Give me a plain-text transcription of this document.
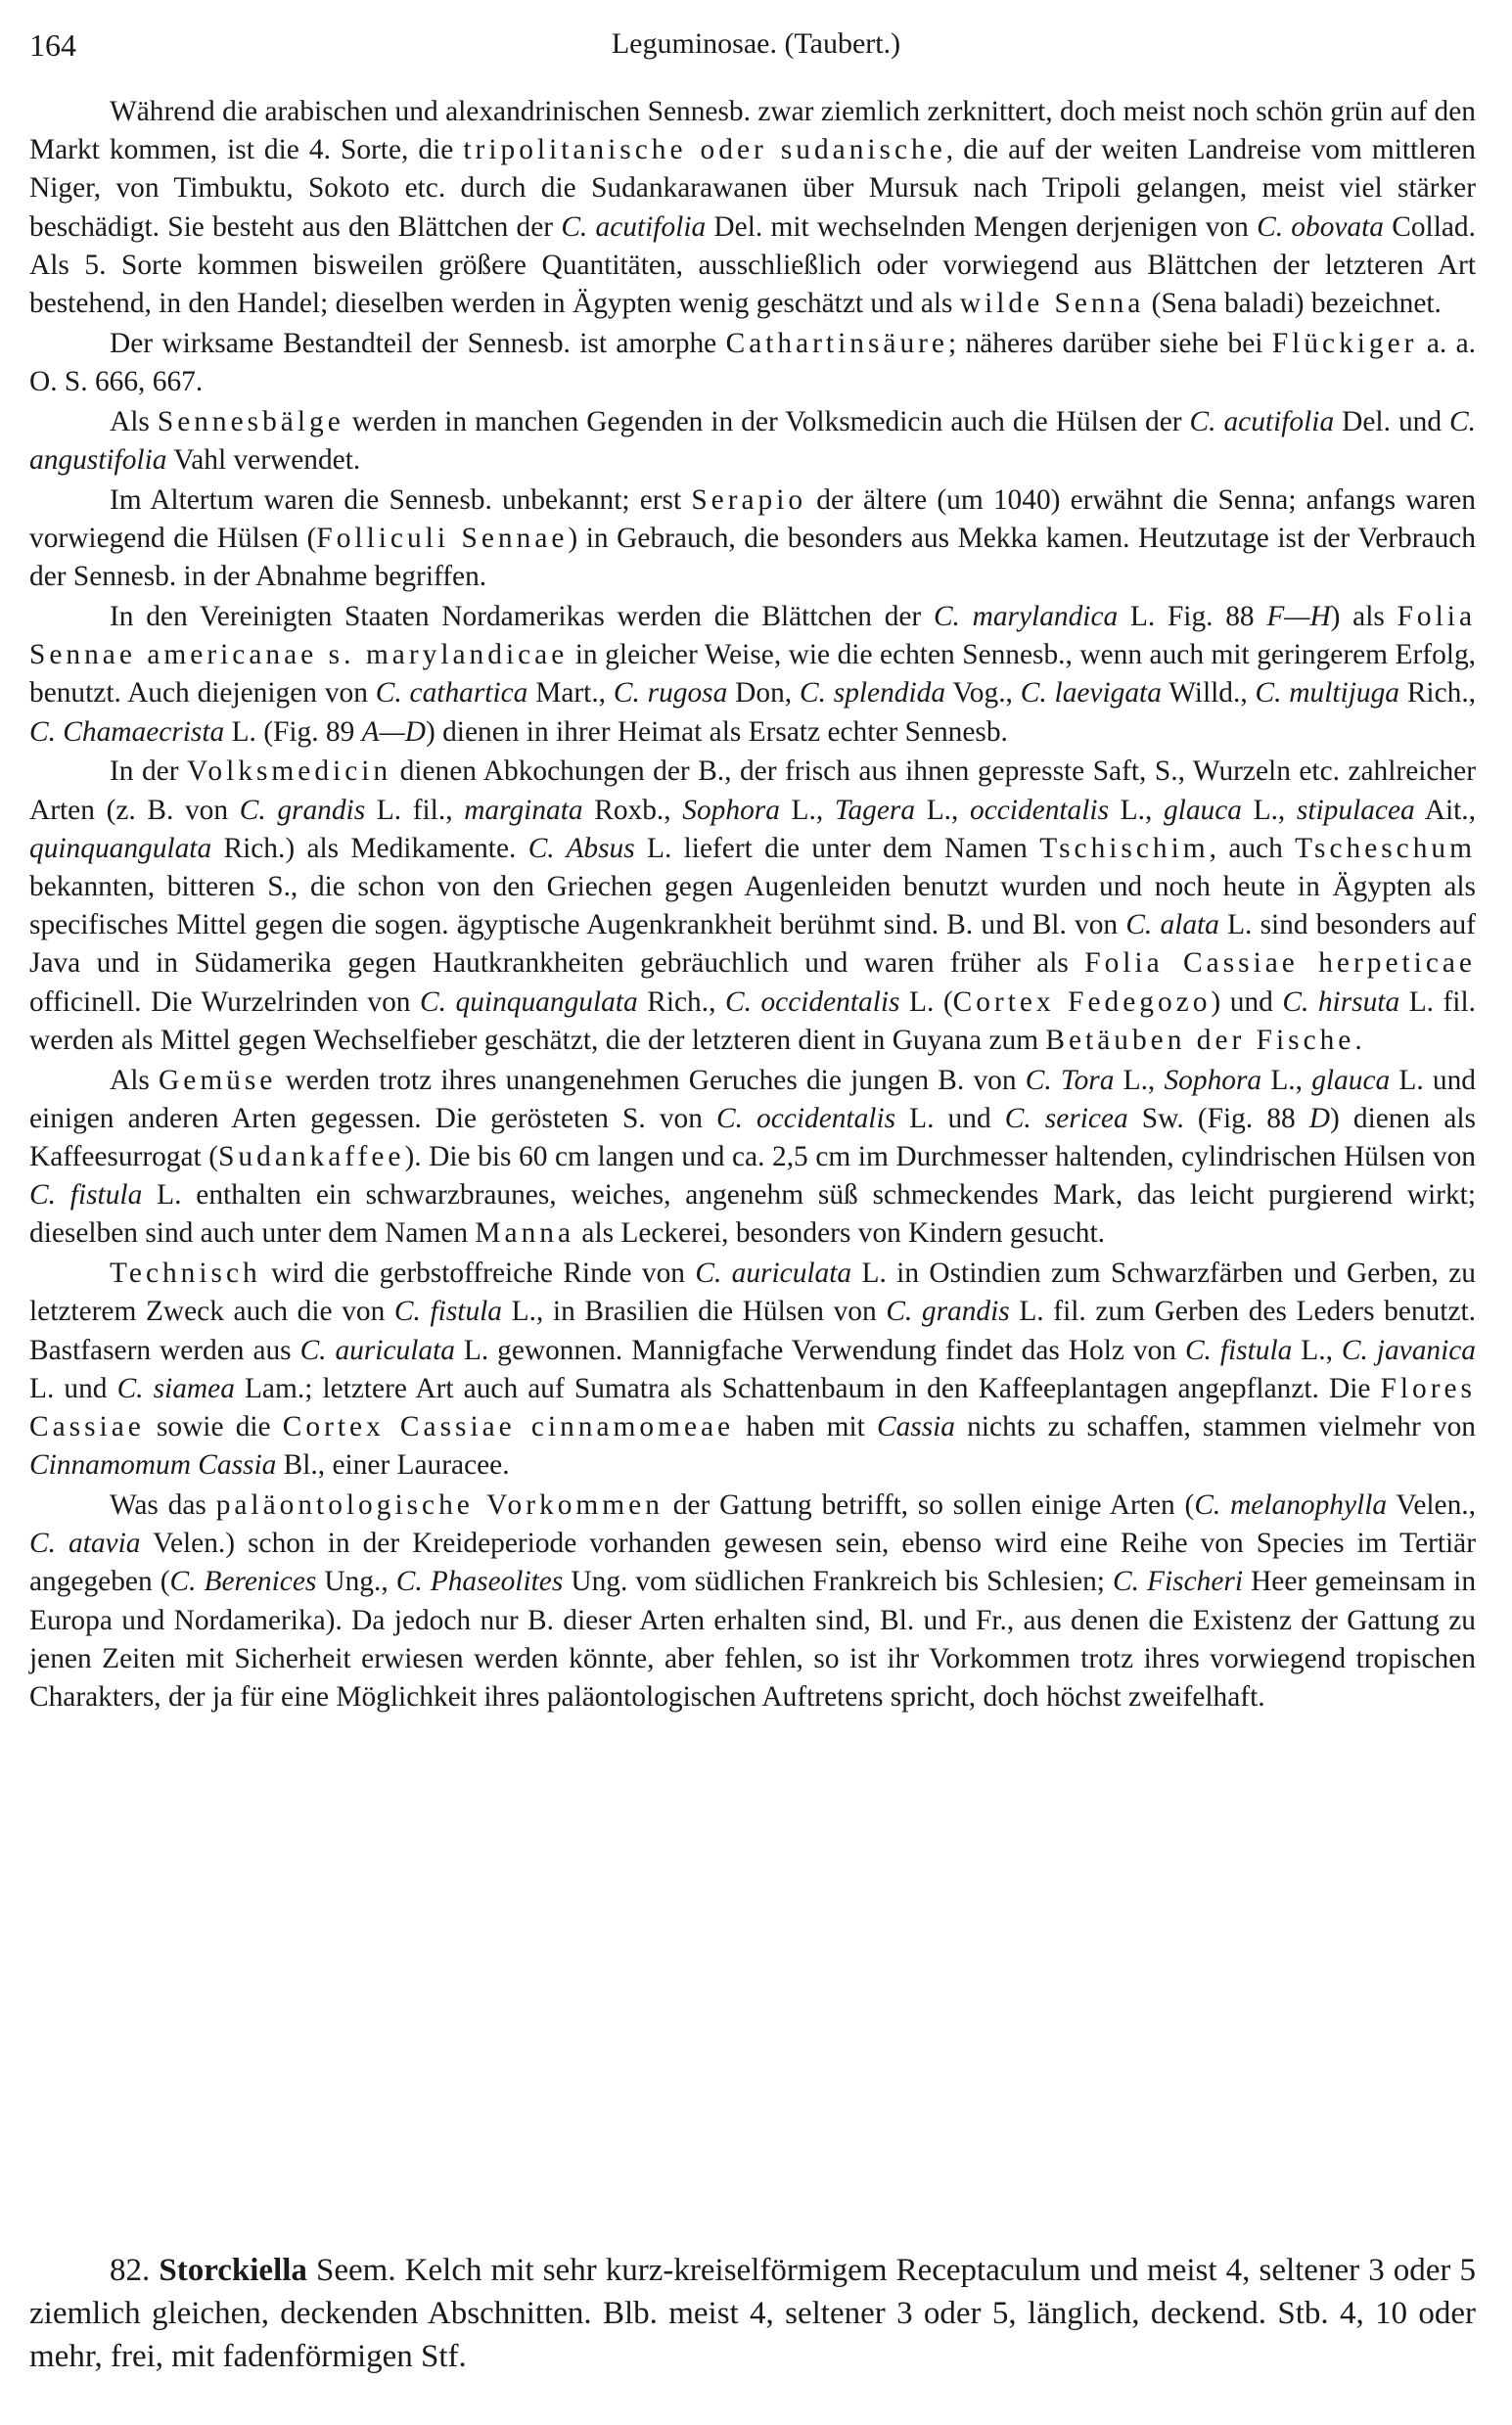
164	Leguminosae. (Taubert.)

Während die arabischen und alexandrinischen Sennesb. zwar ziemlich zerknittert, doch meist noch schön grün auf den Markt kommen, ist die 4. Sorte, die tripolitanische oder sudanische, die auf der weiten Landreise vom mittleren Niger, von Timbuktu, Sokoto etc. durch die Sudankarawanen über Mursuk nach Tripoli gelangen, meist viel stärker beschädigt. Sie besteht aus den Blättchen der C. acutifolia Del. mit wechselnden Mengen derjenigen von C. obovata Collad. Als 5. Sorte kommen bisweilen größere Quantitäten, ausschließlich oder vorwiegend aus Blättchen der letzteren Art bestehend, in den Handel; dieselben werden in Ägypten wenig geschätzt und als wilde Senna (Sena baladi) bezeichnet.

Der wirksame Bestandteil der Sennesb. ist amorphe Cathartinsäure; näheres darüber siehe bei Flückiger a. a. O. S. 666, 667.

Als Sennesbälge werden in manchen Gegenden in der Volksmedicin auch die Hülsen der C. acutifolia Del. und C. angustifolia Vahl verwendet.

Im Altertum waren die Sennesb. unbekannt; erst Serapio der ältere (um 1040) erwähnt die Senna; anfangs waren vorwiegend die Hülsen (Folliculi Sennae) in Gebrauch, die besonders aus Mekka kamen. Heutzutage ist der Verbrauch der Sennesb. in der Abnahme begriffen.

In den Vereinigten Staaten Nordamerikas werden die Blättchen der C. marylandica L. Fig. 88 F—H) als Folia Sennae americanae s. marylandicae in gleicher Weise, wie die echten Sennesb., wenn auch mit geringerem Erfolg, benutzt. Auch diejenigen von C. cathartica Mart., C. rugosa Don, C. splendida Vog., C. laevigata Willd., C. multijuga Rich., C. Chamaecrista L. (Fig. 89 A—D) dienen in ihrer Heimat als Ersatz echter Sennesb.

In der Volksmedicin dienen Abkochungen der B., der frisch aus ihnen gepresste Saft, S., Wurzeln etc. zahlreicher Arten (z. B. von C. grandis L. fil., marginata Roxb., Sophora L., Tagera L., occidentalis L., glauca L., stipulacea Ait., quinquangulata Rich.) als Medikamente. C. Absus L. liefert die unter dem Namen Tschischim, auch Tscheschum bekannten, bitteren S., die schon von den Griechen gegen Augenleiden benutzt wurden und noch heute in Ägypten als specifisches Mittel gegen die sogen. ägyptische Augenkrankheit berühmt sind. B. und Bl. von C. alata L. sind besonders auf Java und in Südamerika gegen Hautkrankheiten gebräuchlich und waren früher als Folia Cassiae herpeticae officinell. Die Wurzelrinden von C. quinquangulata Rich., C. occidentalis L. (Cortex Fedegozo) und C. hirsuta L. fil. werden als Mittel gegen Wechselfieber geschätzt, die der letzteren dient in Guyana zum Betäuben der Fische.

Als Gemüse werden trotz ihres unangenehmen Geruches die jungen B. von C. Tora L., Sophora L., glauca L. und einigen anderen Arten gegessen. Die gerösteten S. von C. occidentalis L. und C. sericea Sw. (Fig. 88 D) dienen als Kaffeesurrogat (Sudankaffee). Die bis 60 cm langen und ca. 2,5 cm im Durchmesser haltenden, cylindrischen Hülsen von C. fistula L. enthalten ein schwarzbraunes, weiches, angenehm süß schmeckendes Mark, das leicht purgierend wirkt; dieselben sind auch unter dem Namen Manna als Leckerei, besonders von Kindern gesucht.

Technisch wird die gerbstoffreiche Rinde von C. auriculata L. in Ostindien zum Schwarzfärben und Gerben, zu letzterem Zweck auch die von C. fistula L., in Brasilien die Hülsen von C. grandis L. fil. zum Gerben des Leders benutzt. Bastfasern werden aus C. auriculata L. gewonnen. Mannigfache Verwendung findet das Holz von C. fistula L., C. javanica L. und C. siamea Lam.; letztere Art auch auf Sumatra als Schattenbaum in den Kaffeeplantagen angepflanzt. Die Flores Cassiae sowie die Cortex Cassiae cinnamomeae haben mit Cassia nichts zu schaffen, stammen vielmehr von Cinnamomum Cassia Bl., einer Lauracee.

Was das paläontologische Vorkommen der Gattung betrifft, so sollen einige Arten (C. melanophylla Velen., C. atavia Velen.) schon in der Kreideperiode vorhanden gewesen sein, ebenso wird eine Reihe von Species im Tertiär angegeben (C. Berenices Ung., C. Phaseolites Ung. vom südlichen Frankreich bis Schlesien; C. Fischeri Heer gemeinsam in Europa und Nordamerika). Da jedoch nur B. dieser Arten erhalten sind, Bl. und Fr., aus denen die Existenz der Gattung zu jenen Zeiten mit Sicherheit erwiesen werden könnte, aber fehlen, so ist ihr Vorkommen trotz ihres vorwiegend tropischen Charakters, der ja für eine Möglichkeit ihres paläontologischen Auftretens spricht, doch höchst zweifelhaft.

82. Storckiella Seem. Kelch mit sehr kurz-kreiselförmigem Receptaculum und meist 4, seltener 3 oder 5 ziemlich gleichen, deckenden Abschnitten. Blb. meist 4, seltener 3 oder 5, länglich, deckend. Stb. 4, 10 oder mehr, frei, mit fadenförmigen Stf.
